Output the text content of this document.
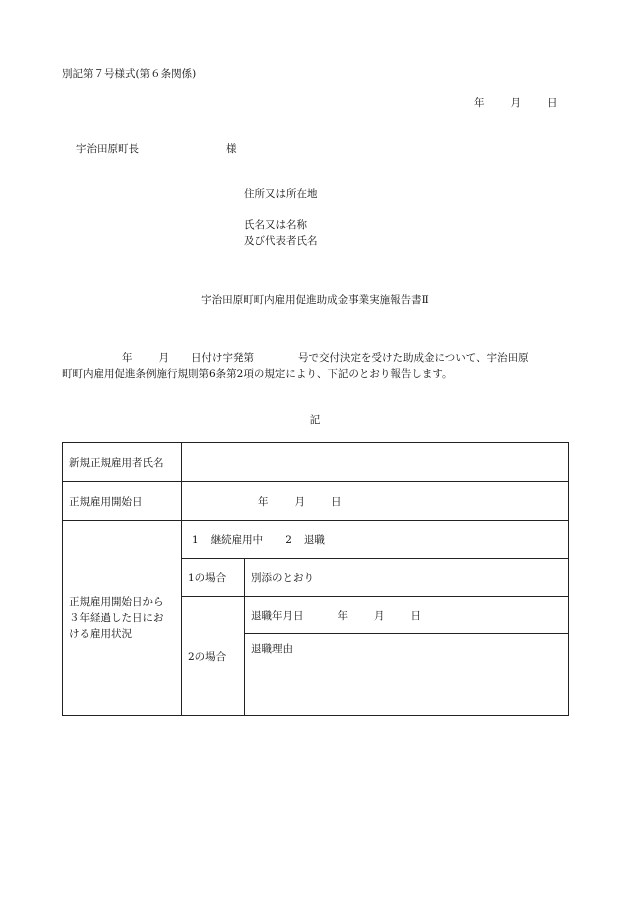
別記第７号様式(第６条関係)
年 月 日
宇治田原町長	様
住所又は所在地
氏名又は名称
及び代表者氏名
宇治田原町町内雇用促進助成金事業実施報告書Ⅱ
年 月 日付け宇発第	号で交付決定を受けた助成金について、宇治田原
町町内雇用促進条例施行規則第6条第2項の規定により、下記のとおり報告します。
記
新規正規雇用者氏名		
正規雇用開始日	年 月 日	

正規雇用開始日から
３年経過した日にお
ける雇用状況	1 継続雇用中 2 退職	
	1の場合	別添のとおり
	2の場合	退職年月日 年 月 日
		退職理由
